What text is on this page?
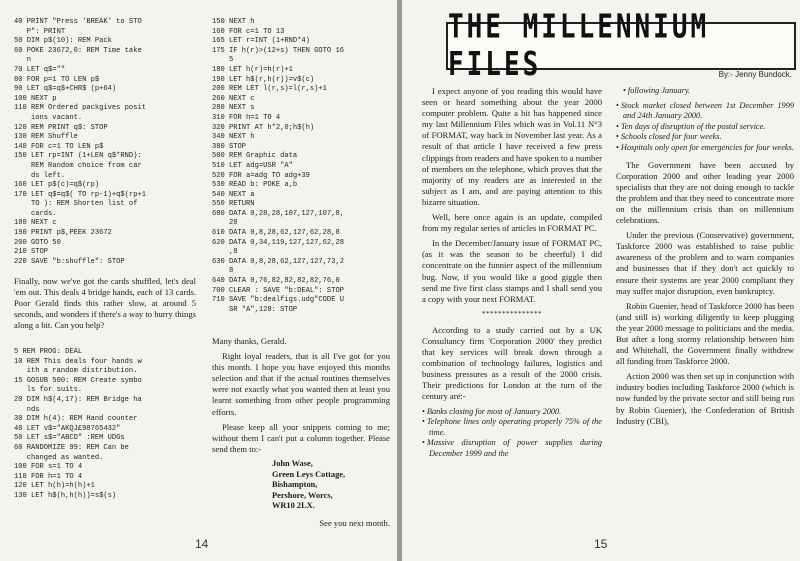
40 PRINT "Press 'BREAK' to STO
P": PRINT
50 DIM p$(10): REM Pack
60 POKE 23672,0: REM Time take
n
70 LET q$=""
80 FOR p=1 TO LEN p$
90 LET q$=q$+CHR$ (p+64)
100 NEXT p
110 REM Ordered packgives posit
ions vacant.
120 REM PRINT q$: STOP
130 REM Shuffle
140 FOR c=1 TO LEN p$
150 LET rp=INT (1+LEN q$*RND):
REM Random choice from car
ds left.
160 LET p$(c)=q$(rp)
170 LET q$=q$( TO rp-1)+q$(rp+1
TO ): REM Shorten list of
cards.
180 NEXT c
190 PRINT p$,PEEK 23672
200 GOTO 50
210 STOP
220 SAVE "b:shuffle": STOP

Finally, now we've got the cards shuffled, let's deal 'em out. This deals 4 bridge hands, each of 13 cards. Poor Gerald finds this rather slow, at around 5 seconds, and wonders if there's a way to hurry things along a bit. Can you help?

5 REM PROG: DEAL
10 REM This deals four hands w
ith a random distribution.
15 GOSUB 500: REM Create symbo
ls for suits.
20 DIM h$(4,17): REM Bridge ha
nds
30 DIM h(4): REM Hand counter
40 LET v$="AKQJ£98765432"
50 LET s$="ABCD" :REM UDGs
60 RANDOMIZE 99: REM Can be
changed as wanted.
100 FOR s=1 TO 4
110 FOR h=1 TO 4
120 LET h(h)=h(h)+1
130 LET h$(h,h(h))=s$(s)
150 NEXT h
160 FOR c=1 TO 13
165 LET r=INT (1+RND*4)
175 IF h(r)>(12+s) THEN GOTO 16
5
180 LET h(r)=h(r)+1
190 LET h$(r,h(r))=v$(c)
200 REM LET l(r,s)=l(r,s)+1
260 NEXT c
280 NEXT s
310 FOR h=1 TO 4
320 PRINT AT h*2,0;h$(h)
340 NEXT h
380 STOP
500 REM Graphic data
510 LET adg=USR "A"
520 FOR a=adg TO adg+39
530 READ b: POKE a,b
540 NEXT a
550 RETURN
600 DATA 0,28,28,107,127,107,8,
28
610 DATA 0,8,28,62,127,62,28,8
620 DATA 0,34,119,127,127,62,28
,8
630 DATA 0,8,28,62,127,127,73,2
8
640 DATA 0,76,82,82,82,82,76,0
700 CLEAR : SAVE "b:DEAL": STOP
710 SAVE "b:dealfigs.udg"CODE U
SR "A",128: STOP

Many thanks, Gerald.

Right loyal readers, that is all I've got for you this month. I hope you have enjoyed this months selection and that if the actual routines themselves were not exactly what you wanted then at least you learnt something from other people programming efforts.

Please keep all your snippets coming to me; without them I can't put a column together. Please send them to:-

John Wase,
Green Leys Cottage,
Bishampton,
Pershore, Worcs,
WR10 2LX.
See you next month.
14
THE MILLENNIUM FILES	By:- Jenny Bundock.

I expect anyone of you reading this would have seen or heard something about the year 2000 computer problem. Quite a bit has happened since my last Millennium Files which was in Vol.11 N°3 of FORMAT, way back in November last year. As a result of that article I have received a few press clippings from readers and have spoken to a number of members on the telephone, which proves that the majority of my readers are as interested in the subject as I am, and are paying attention to this bizarre situation.

Well, here once again is an update, compiled from my regular series of articles in FORMAT PC.

In the December/January issue of FORMAT PC, (as it was the season to be cheerful) I did concentrate on the funnier aspect of the millennium bug. Now, if you would like a good giggle then send me five first class stamps and I shall send you a copy with your next FORMAT.

***************

According to a study carried out by a UK Consultancy firm 'Corporation 2000' they predict that key services will break down through a combination of technology failures, logistics and business pressures as a result of the 2000 crisis. Their predictions for London at the turn of the century are:-

• Banks closing for most of January 2000.
• Telephone lines only operating properly 75% of the time.
• Massive disruption of power supplies during December 1999 and the

• following January.

• Stock market closed between 1st December 1999 and 24th January 2000.
• Ten days of disruption of the postal service.
• Schools closed for four weeks.
• Hospitals only open for emergencies for four weeks.

The Government have been accused by Corporation 2000 and other leading year 2000 specialists that they are not doing enough to tackle the problem and that they need to concentrate more on the millennium crisis than on millennium celebrations.

Under the previous (Conservative) government, Taskforce 2000 was established to raise public awareness of the problem and to warn companies and businesses that if they don't act quickly to ensure their systems are year 2000 compliant they may suffer major disruption, even bankruptcy.

Robin Guenier, head of Taskforce 2000 has been (and still is) working diligently to keep plugging the year 2000 message to politicians and the media. But after a long stormy relationship between him and Whitehall, the Government finally withdrew all funding from Taskforce 2000.

Action 2000 was then set up in conjunction with industry bodies including Taskforce 2000 (which is now funded by the private sector and still being run by Robin Guenier), the Confederation of British Industry (CBI),

15
